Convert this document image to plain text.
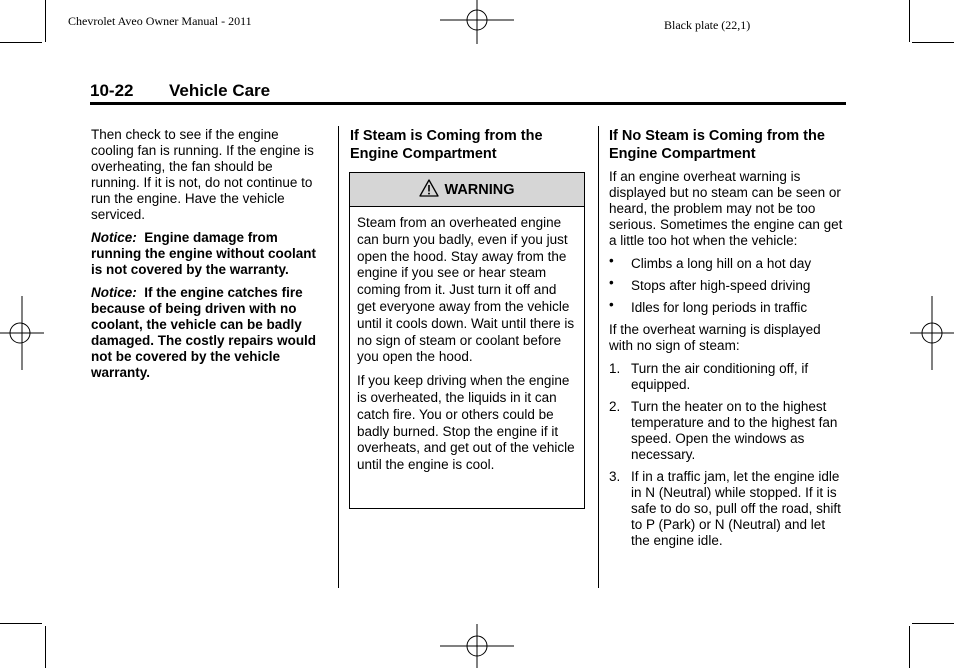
Chevrolet Aveo Owner Manual - 2011	Black plate (22,1)
10-22 Vehicle Care

Then check to see if the engine cooling fan is running. If the engine is overheating, the fan should be running. If it is not, do not continue to run the engine. Have the vehicle serviced.

Notice: Engine damage from running the engine without coolant is not covered by the warranty.

Notice: If the engine catches fire because of being driven with no coolant, the vehicle can be badly damaged. The costly repairs would not be covered by the vehicle warranty.

If Steam is Coming from the Engine Compartment
WARNING

Steam from an overheated engine can burn you badly, even if you just open the hood. Stay away from the engine if you see or hear steam coming from it. Just turn it off and get everyone away from the vehicle until it cools down. Wait until there is no sign of steam or coolant before you open the hood.

If you keep driving when the engine is overheated, the liquids in it can catch fire. You or others could be badly burned. Stop the engine if it overheats, and get out of the vehicle until the engine is cool.

If No Steam is Coming from the Engine Compartment

If an engine overheat warning is displayed but no steam can be seen or heard, the problem may not be too serious. Sometimes the engine can get a little too hot when the vehicle:

• Climbs a long hill on a hot day
• Stops after high-speed driving
• Idles for long periods in traffic

If the overheat warning is displayed with no sign of steam:

1. Turn the air conditioning off, if equipped.
2. Turn the heater on to the highest temperature and to the highest fan speed. Open the windows as necessary.
3. If in a traffic jam, let the engine idle in N (Neutral) while stopped. If it is safe to do so, pull off the road, shift to P (Park) or N (Neutral) and let the engine idle.
